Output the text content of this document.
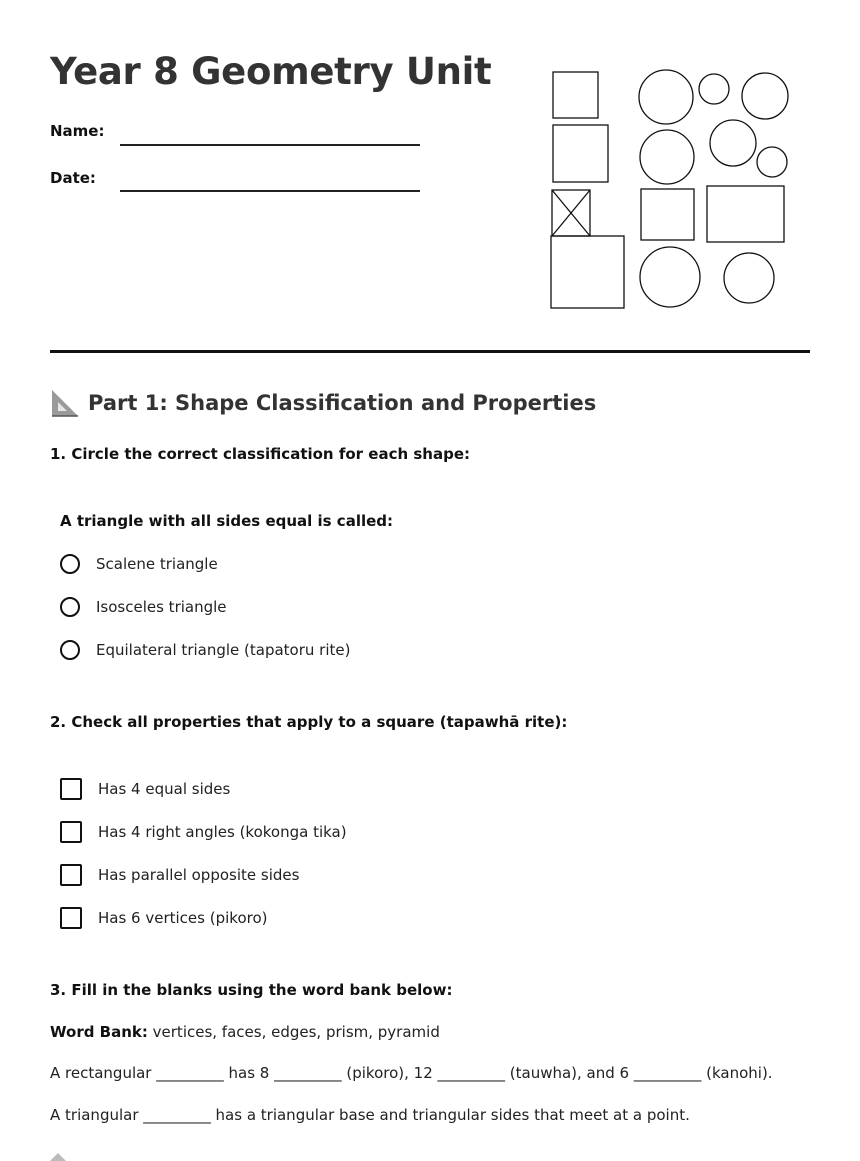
Year 8 Geometry Unit
Name:
Date:
Part 1: Shape Classification and Properties
1. Circle the correct classification for each shape:
A triangle with all sides equal is called:
Scalene triangle
Isosceles triangle
Equilateral triangle (tapatoru rite)
2. Check all properties that apply to a square (tapawhā rite):
Has 4 equal sides
Has 4 right angles (kokonga tika)
Has parallel opposite sides
Has 6 vertices (pikoro)
3. Fill in the blanks using the word bank below:
Word Bank: vertices, faces, edges, prism, pyramid
A rectangular _________ has 8 _________ (pikoro), 12 _________ (tauwha), and 6 _________ (kanohi).
A triangular _________ has a triangular base and triangular sides that meet at a point.
